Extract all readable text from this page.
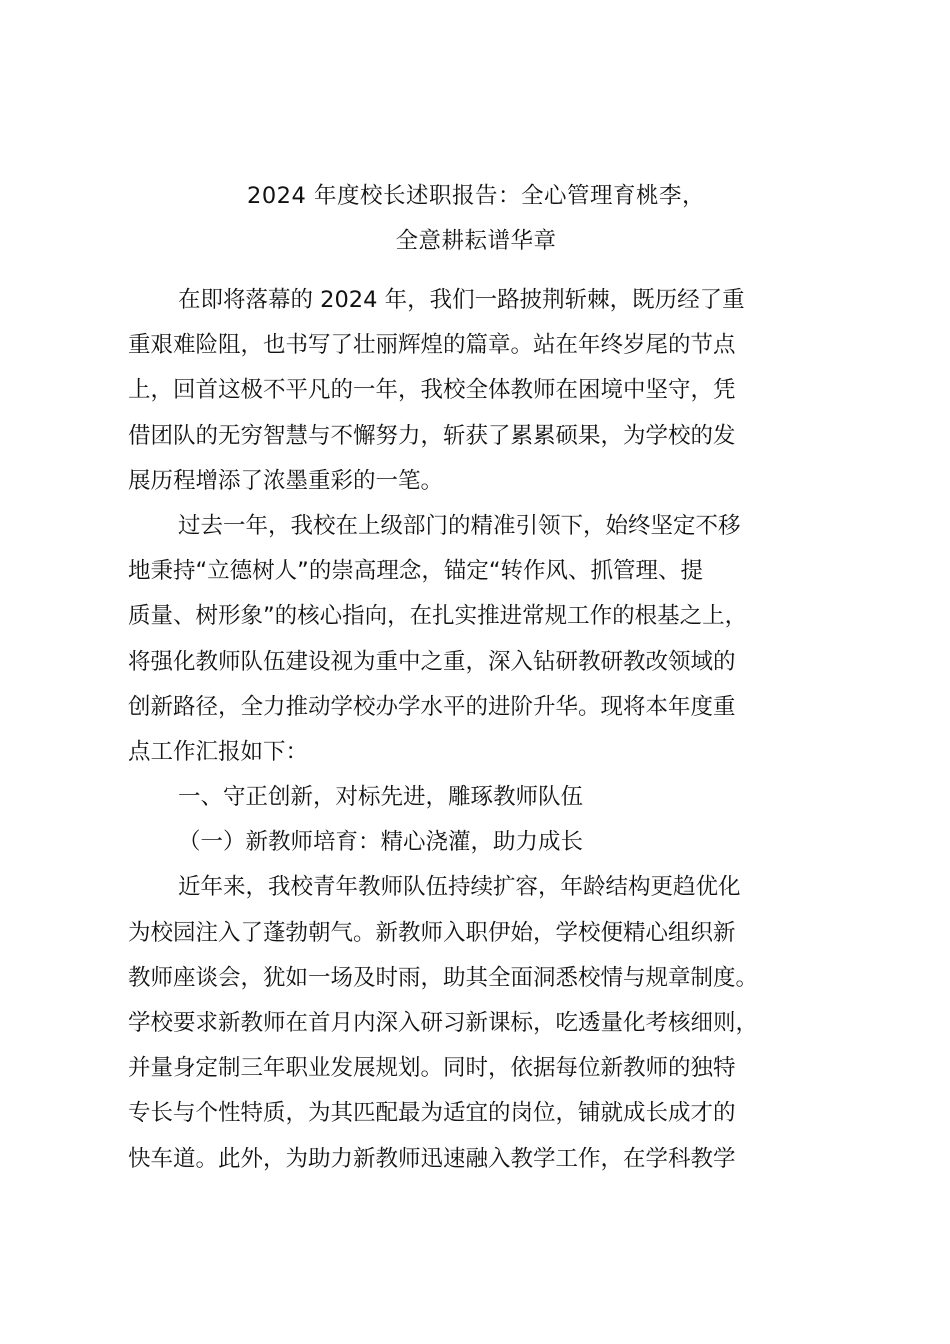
2024 年度校长述职报告：全心管理育桃李，
全意耕耘谱华章
在即将落幕的 2024 年，我们一路披荆斩棘，既历经了重
重艰难险阻，也书写了壮丽辉煌的篇章。站在年终岁尾的节点
上，回首这极不平凡的一年，我校全体教师在困境中坚守，凭
借团队的无穷智慧与不懈努力，斩获了累累硕果，为学校的发
展历程增添了浓墨重彩的一笔。
过去一年，我校在上级部门的精准引领下，始终坚定不移
地秉持“立德树人”的崇高理念，锚定“转作风、抓管理、提
质量、树形象”的核心指向，在扎实推进常规工作的根基之上，
将强化教师队伍建设视为重中之重，深入钻研教研教改领域的
创新路径，全力推动学校办学水平的进阶升华。现将本年度重
点工作汇报如下：
一、守正创新，对标先进，雕琢教师队伍
（一）新教师培育：精心浇灌，助力成长
近年来，我校青年教师队伍持续扩容，年龄结构更趋优化
为校园注入了蓬勃朝气。新教师入职伊始，学校便精心组织新
教师座谈会，犹如一场及时雨，助其全面洞悉校情与规章制度。
学校要求新教师在首月内深入研习新课标，吃透量化考核细则，
并量身定制三年职业发展规划。同时，依据每位新教师的独特
专长与个性特质，为其匹配最为适宜的岗位，铺就成长成才的
快车道。此外，为助力新教师迅速融入教学工作，在学科教学
